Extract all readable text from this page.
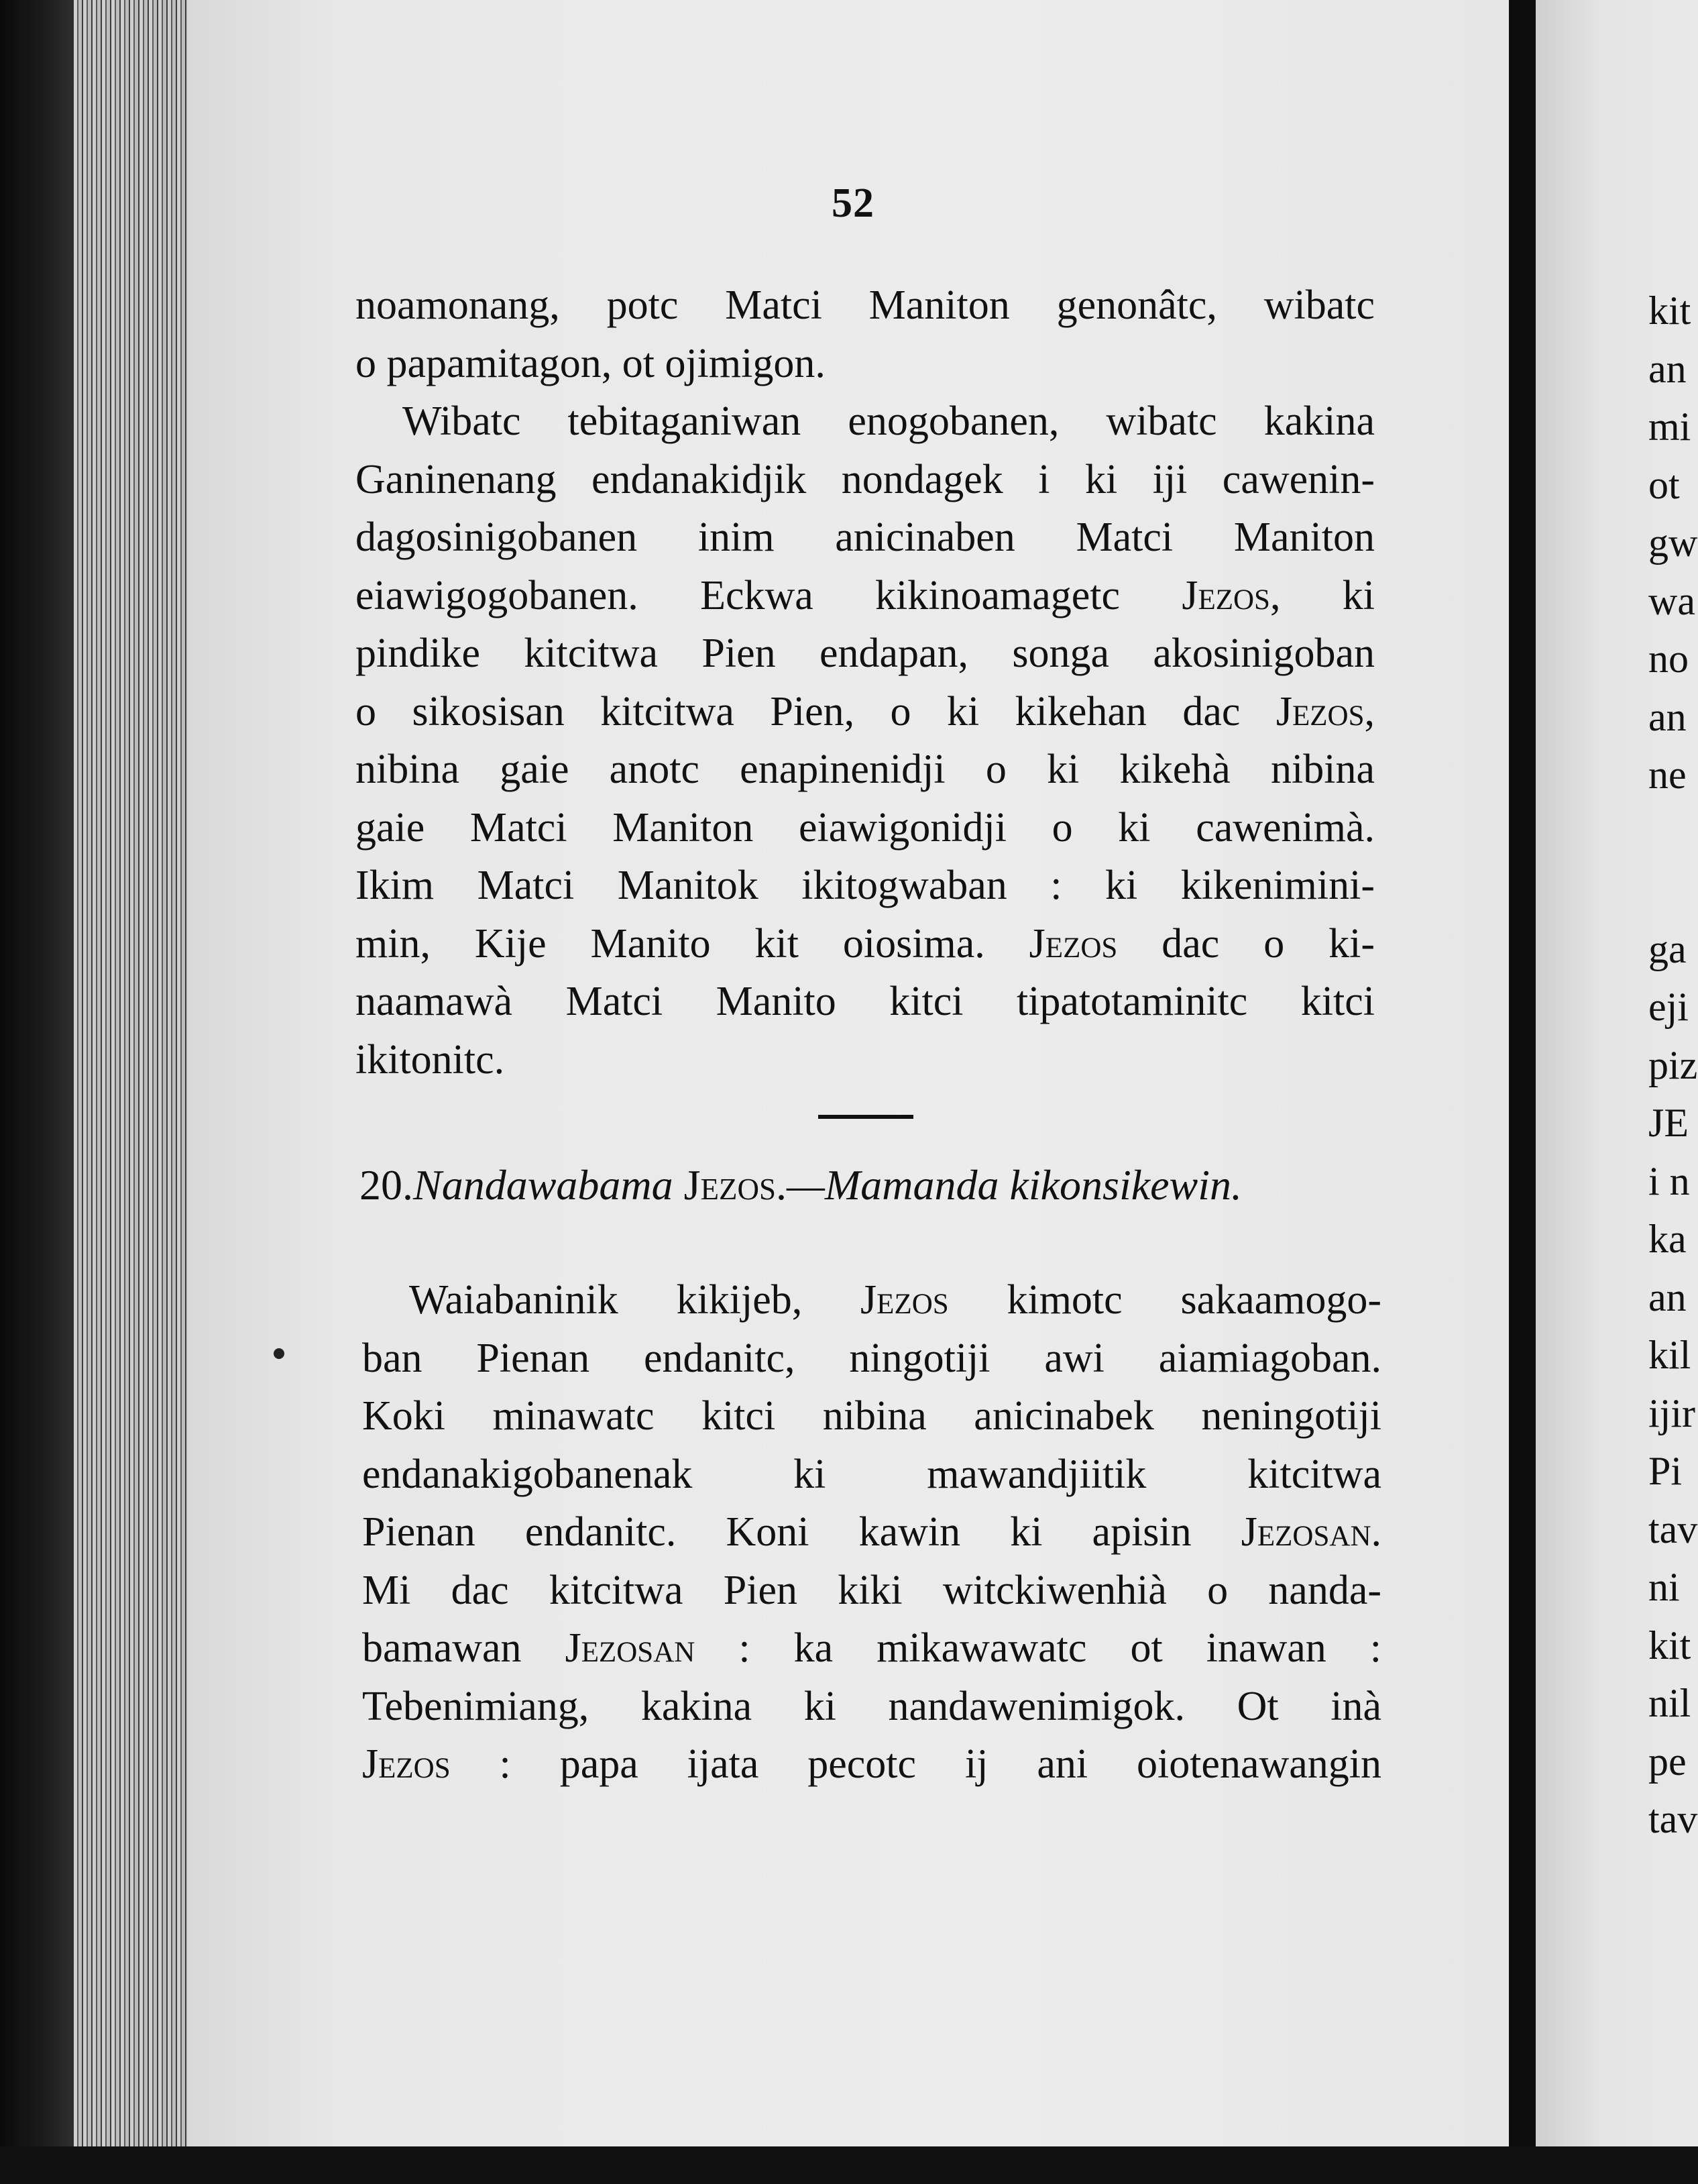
52
noamonang, potc Matci Maniton genonâtc, wibatc
o papamitagon, ot ojimigon.
Wibatc tebitaganiwan enogobanen, wibatc kakina
Ganinenang endanakidjik nondagek i ki iji cawenin-
dagosinigobanen inim anicinaben Matci Maniton
eiawigogobanen. Eckwa kikinoamagetc Jezos, ki
pindike kitcitwa Pien endapan, songa akosinigoban
o sikosisan kitcitwa Pien, o ki kikehan dac Jezos,
nibina gaie anotc enapinenidji o ki kikehà nibina
gaie Matci Maniton eiawigonidji o ki cawenimà.
Ikim Matci Manitok ikitogwaban : ki kikenimini-
min, Kije Manito kit oiosima. Jezos dac o ki-
naamawà Matci Manito kitci tipatotaminitc kitci
ikitonitc.
20.Nandawabama Jezos.—Mamanda kikonsikewin.
Waiabaninik kikijeb, Jezos kimotc sakaamogo-
ban Pienan endanitc, ningotiji awi aiamiagoban.
Koki minawatc kitci nibina anicinabek neningotiji
endanakigobanenak ki mawandjiitik kitcitwa
Pienan endanitc. Koni kawin ki apisin Jezosan.
Mi dac kitcitwa Pien kiki witckiwenhià o nanda-
bamawan Jezosan : ka mikawawatc ot inawan :
Tebenimiang, kakina ki nandawenimigok. Ot inà
Jezos : papa ijata pecotc ij ani oiotenawangin
kit
an
mi
ot
gw
wa
no
an
ne
ga
eji
piz
JE
i n
ka
an
kil
ijir
Pi
tav
ni
kit
nil
pe
tav
